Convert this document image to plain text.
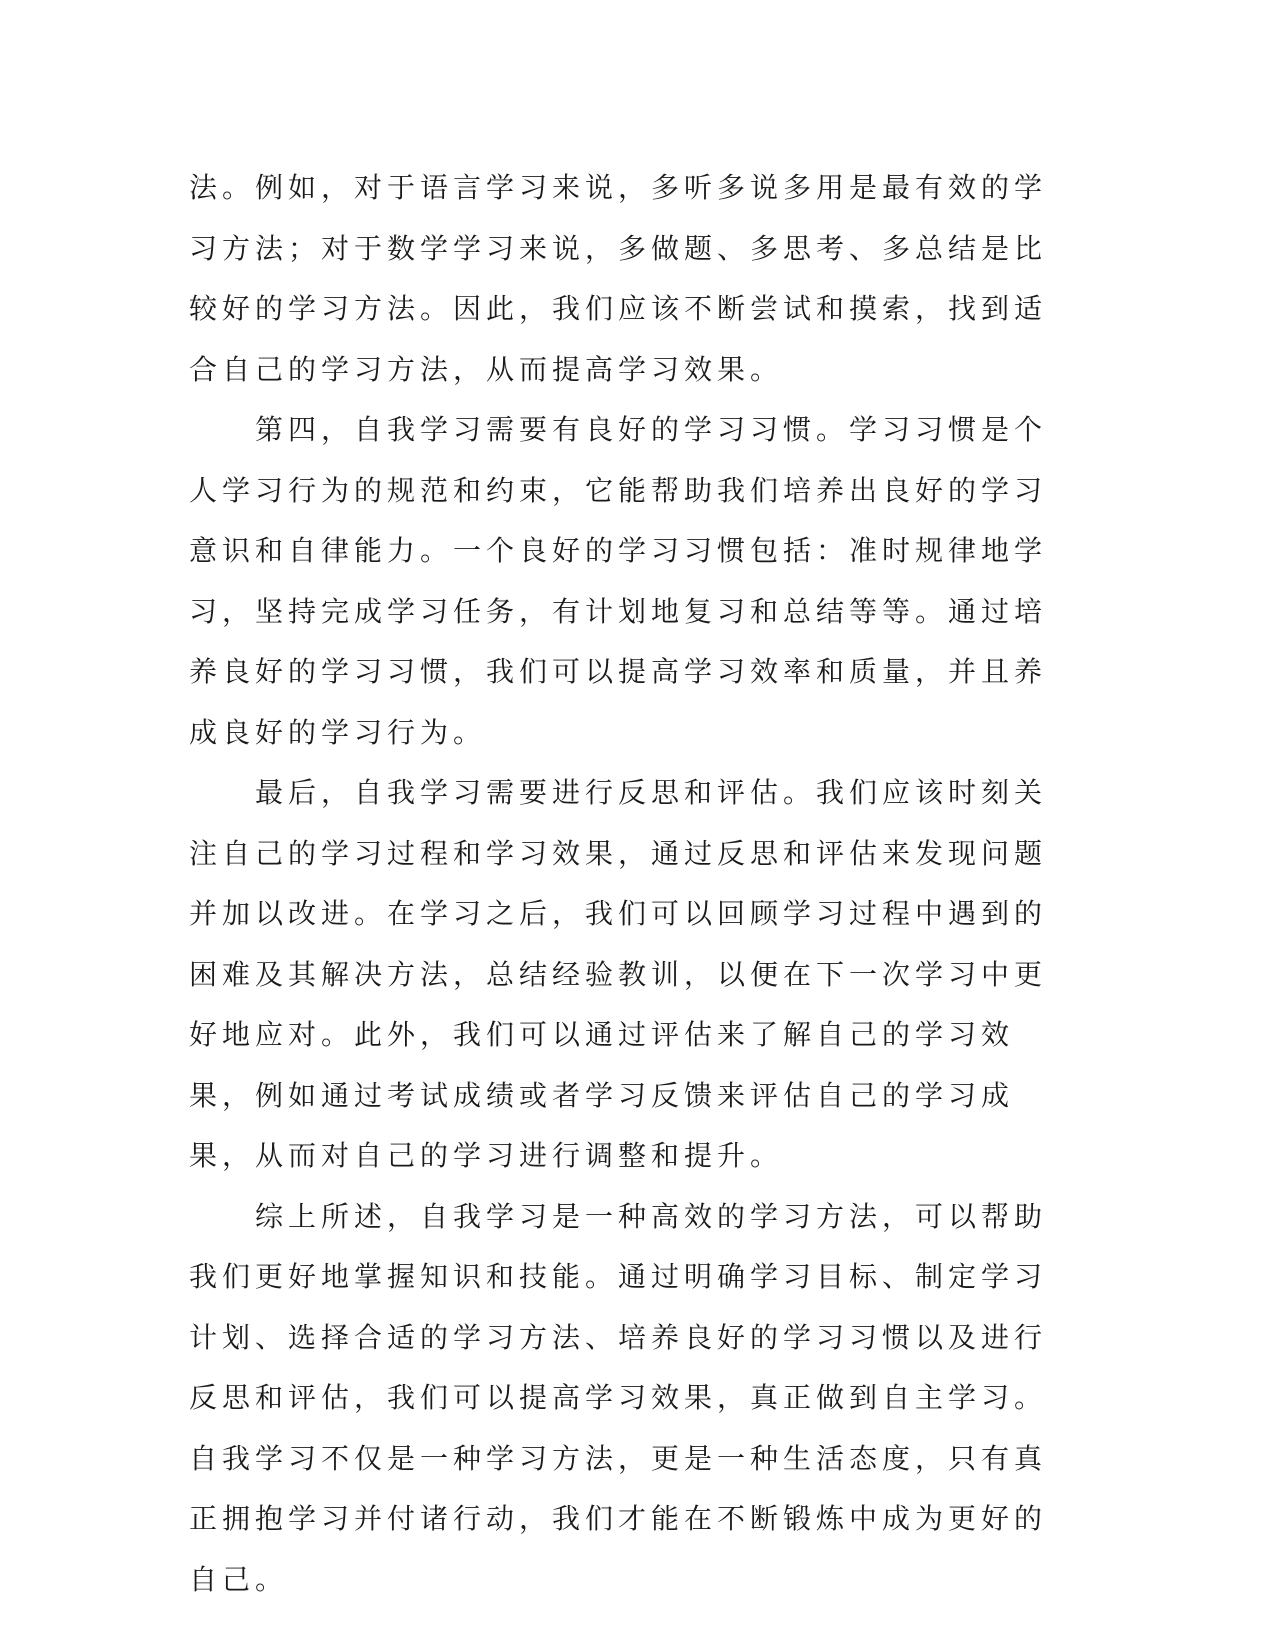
法。例如，对于语言学习来说，多听多说多用是最有效的学习方法；对于数学学习来说，多做题、多思考、多总结是比较好的学习方法。因此，我们应该不断尝试和摸索，找到适合自己的学习方法，从而提高学习效果。

第四，自我学习需要有良好的学习习惯。学习习惯是个人学习行为的规范和约束，它能帮助我们培养出良好的学习意识和自律能力。一个良好的学习习惯包括：准时规律地学习，坚持完成学习任务，有计划地复习和总结等等。通过培养良好的学习习惯，我们可以提高学习效率和质量，并且养成良好的学习行为。

最后，自我学习需要进行反思和评估。我们应该时刻关注自己的学习过程和学习效果，通过反思和评估来发现问题并加以改进。在学习之后，我们可以回顾学习过程中遇到的困难及其解决方法，总结经验教训，以便在下一次学习中更好地应对。此外，我们可以通过评估来了解自己的学习效果，例如通过考试成绩或者学习反馈来评估自己的学习成果，从而对自己的学习进行调整和提升。

综上所述，自我学习是一种高效的学习方法，可以帮助我们更好地掌握知识和技能。通过明确学习目标、制定学习计划、选择合适的学习方法、培养良好的学习习惯以及进行反思和评估，我们可以提高学习效果，真正做到自主学习。自我学习不仅是一种学习方法，更是一种生活态度，只有真正拥抱学习并付诸行动，我们才能在不断锻炼中成为更好的自己。
